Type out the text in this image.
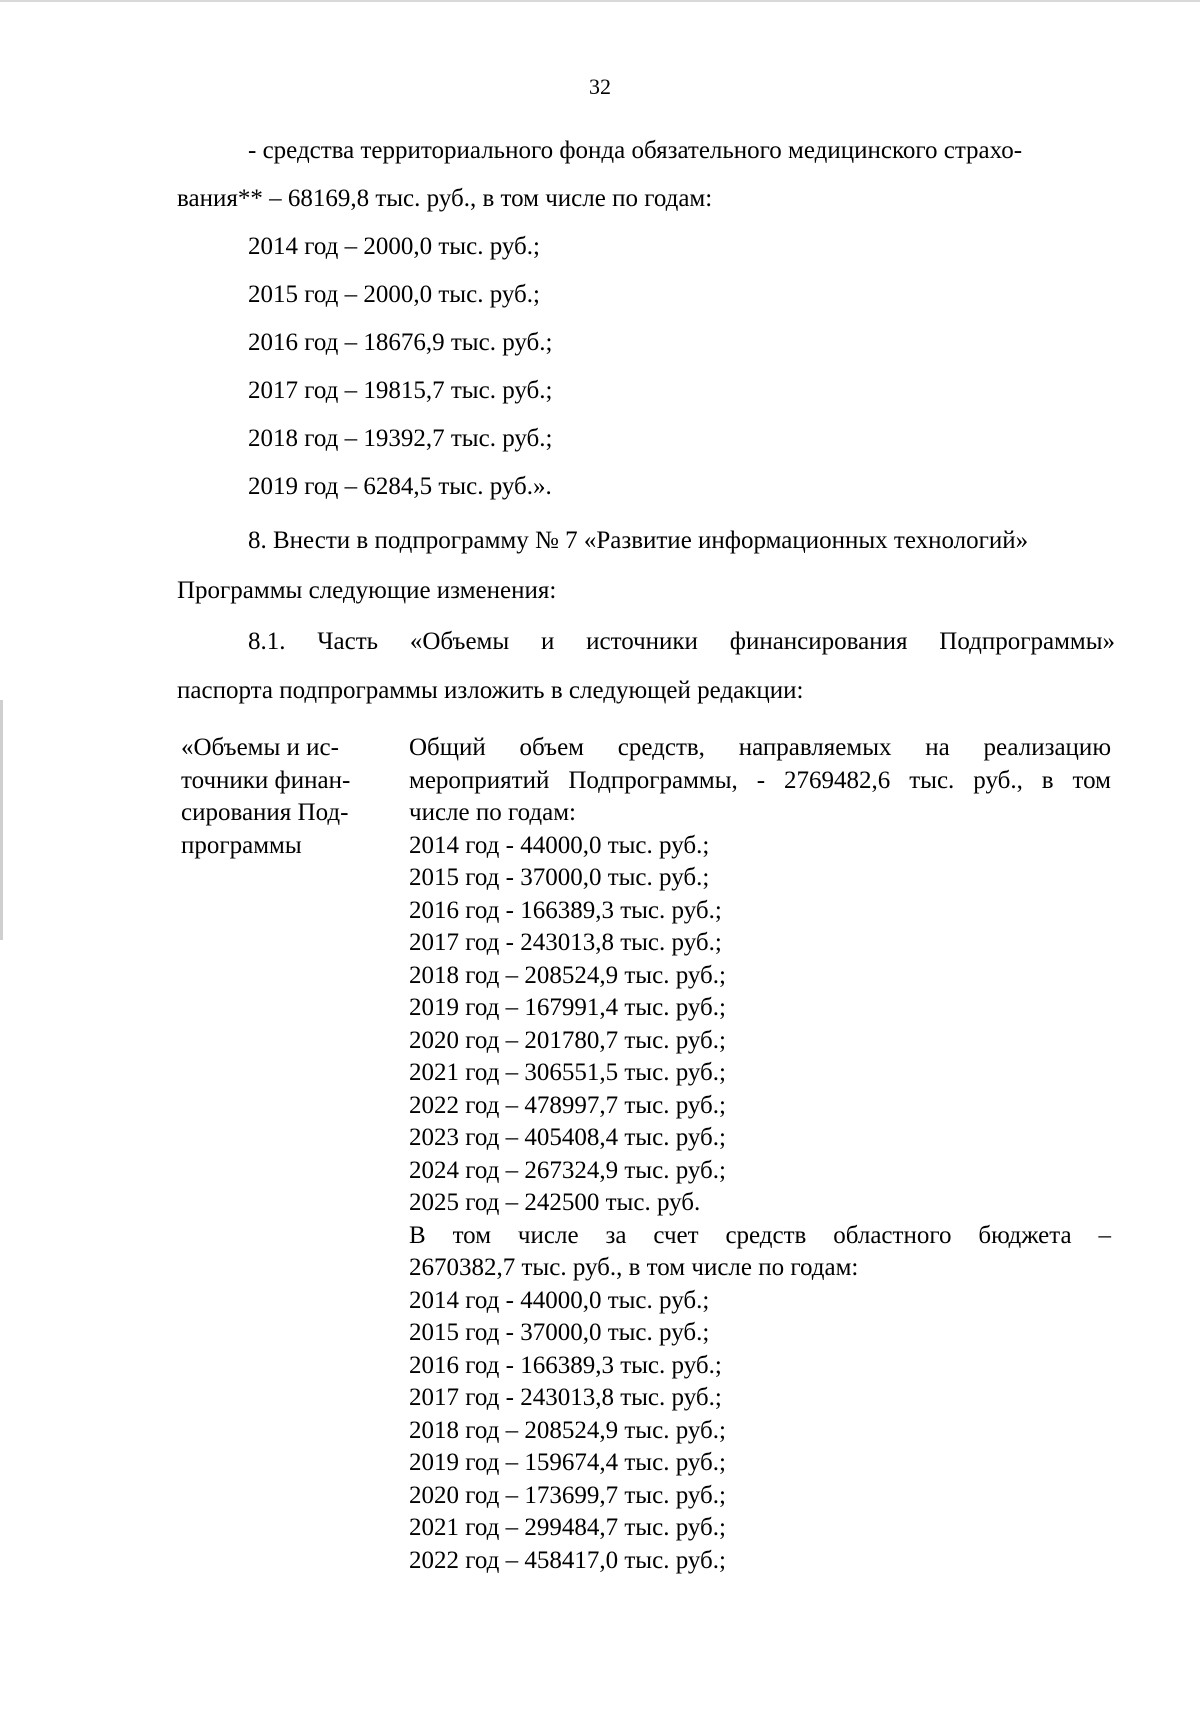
32

- средства территориального фонда обязательного медицинского страхо-

вания** – 68169,8 тыс. руб., в том числе по годам:

2014 год – 2000,0 тыс. руб.;

2015 год – 2000,0 тыс. руб.;

2016 год – 18676,9 тыс. руб.;

2017 год – 19815,7 тыс. руб.;

2018 год – 19392,7 тыс. руб.;

2019 год – 6284,5 тыс. руб.».

8. Внести в подпрограмму № 7 «Развитие информационных технологий»

Программы следующие изменения:

8.1. Часть «Объемы и источники финансирования Подпрограммы»

паспорта подпрограммы изложить в следующей редакции:

«Объемы и ис-
точники финан-
сирования Под-
программы
Общий объем средств, направляемых на реализацию
мероприятий Подпрограммы, - 2769482,6 тыс. руб., в том
числе по годам:
2014 год - 44000,0 тыс. руб.;
2015 год - 37000,0 тыс. руб.;
2016 год - 166389,3 тыс. руб.;
2017 год - 243013,8 тыс. руб.;
2018 год – 208524,9 тыс. руб.;
2019 год – 167991,4 тыс. руб.;
2020 год – 201780,7 тыс. руб.;
2021 год – 306551,5 тыс. руб.;
2022 год – 478997,7 тыс. руб.;
2023 год – 405408,4 тыс. руб.;
2024 год – 267324,9 тыс. руб.;
2025 год – 242500 тыс. руб.
В том числе за счет средств областного бюджета –
2670382,7 тыс. руб., в том числе по годам:
2014 год - 44000,0 тыс. руб.;
2015 год - 37000,0 тыс. руб.;
2016 год - 166389,3 тыс. руб.;
2017 год - 243013,8 тыс. руб.;
2018 год – 208524,9 тыс. руб.;
2019 год – 159674,4 тыс. руб.;
2020 год – 173699,7 тыс. руб.;
2021 год – 299484,7 тыс. руб.;
2022 год – 458417,0 тыс. руб.;
